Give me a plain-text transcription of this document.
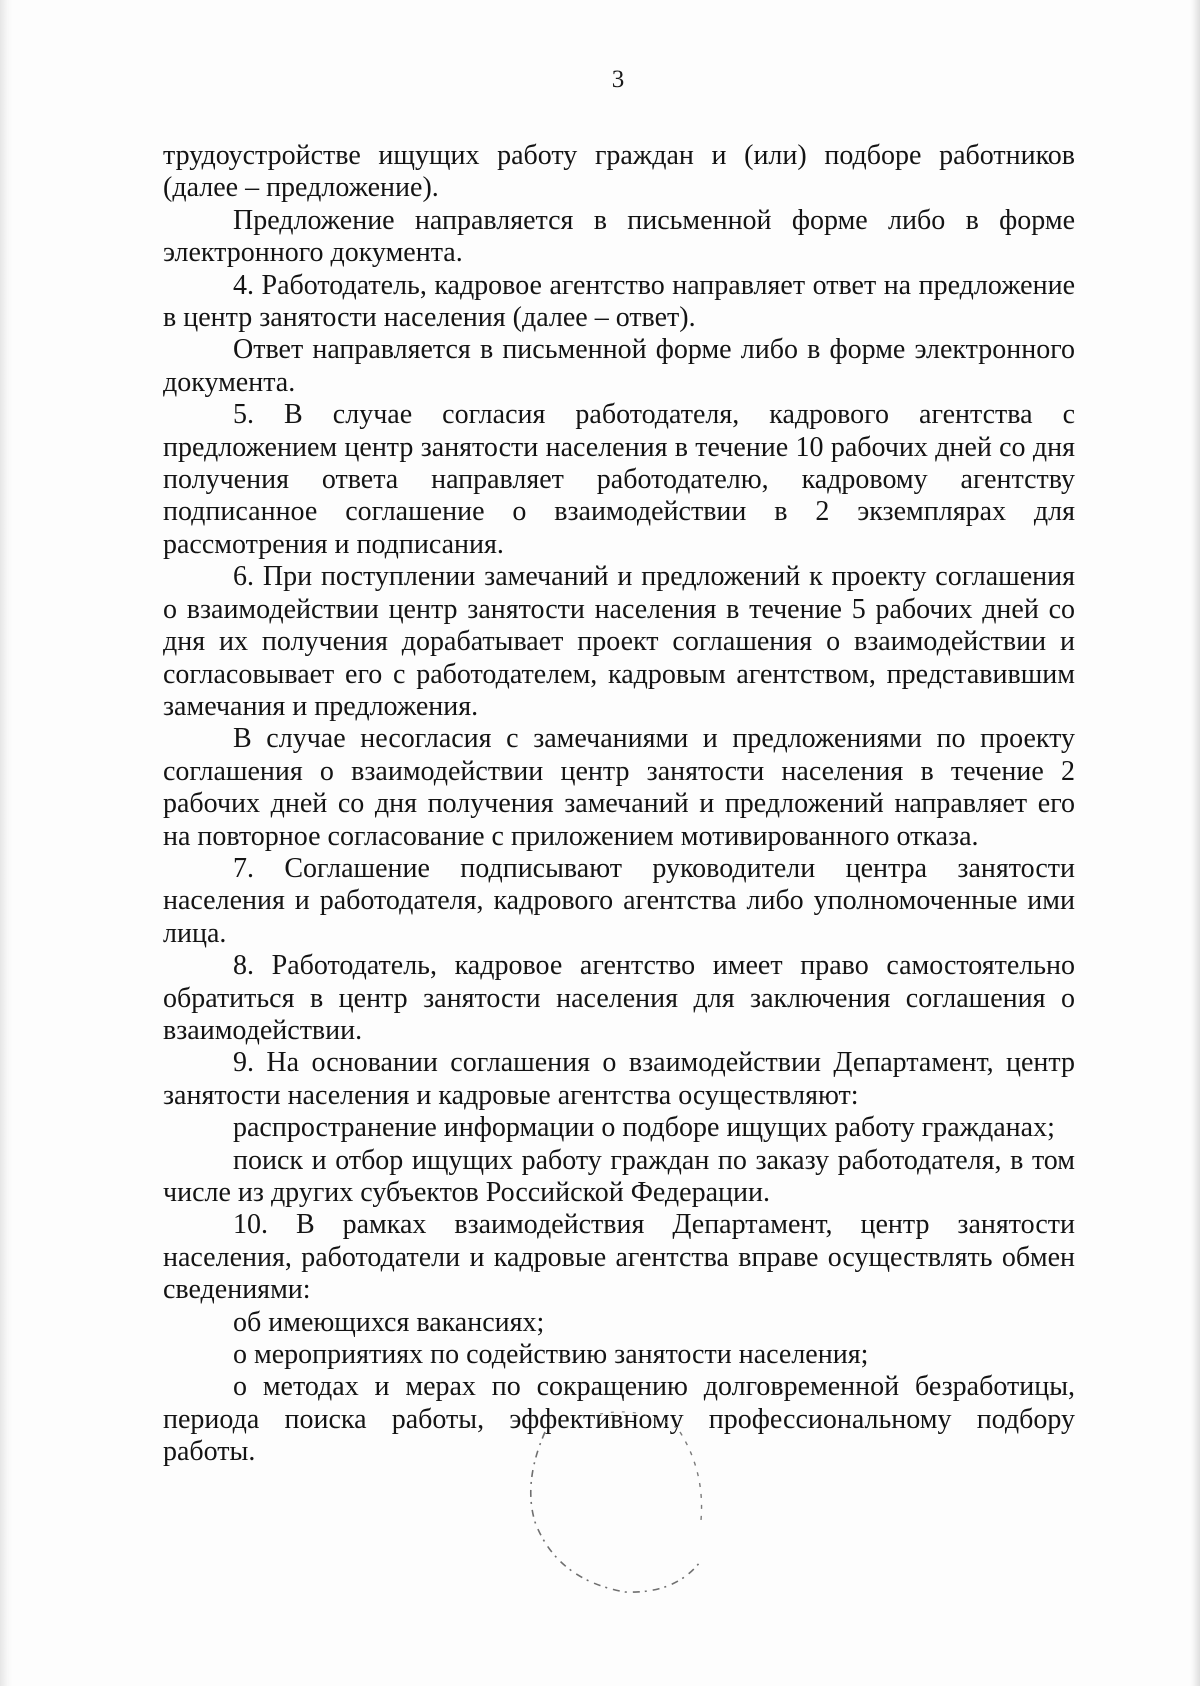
3

трудоустройстве ищущих работу граждан и (или) подборе работников (далее – предложение).

Предложение направляется в письменной форме либо в форме электронного документа.

4. Работодатель, кадровое агентство направляет ответ на предложение в центр занятости населения (далее – ответ).

Ответ направляется в письменной форме либо в форме электронного документа.

5. В случае согласия работодателя, кадрового агентства с предложением центр занятости населения в течение 10 рабочих дней со дня получения ответа направляет работодателю, кадровому агентству подписанное соглашение о взаимодействии в 2 экземплярах для рассмотрения и подписания.

6. При поступлении замечаний и предложений к проекту соглашения о взаимодействии центр занятости населения в течение 5 рабочих дней со дня их получения дорабатывает проект соглашения о взаимодействии и согласовывает его с работодателем, кадровым агентством, представившим замечания и предложения.

В случае несогласия с замечаниями и предложениями по проекту соглашения о взаимодействии центр занятости населения в течение 2 рабочих дней со дня получения замечаний и предложений направляет его на повторное согласование с приложением мотивированного отказа.

7. Соглашение подписывают руководители центра занятости населения и работодателя, кадрового агентства либо уполномоченные ими лица.

8. Работодатель, кадровое агентство имеет право самостоятельно обратиться в центр занятости населения для заключения соглашения о взаимодействии.

9. На основании соглашения о взаимодействии Департамент, центр занятости населения и кадровые агентства осуществляют:

распространение информации о подборе ищущих работу гражданах;

поиск и отбор ищущих работу граждан по заказу работодателя, в том числе из других субъектов Российской Федерации.

10. В рамках взаимодействия Департамент, центр занятости населения, работодатели и кадровые агентства вправе осуществлять обмен сведениями:

об имеющихся вакансиях;

о мероприятиях по содействию занятости населения;

о методах и мерах по сокращению долговременной безработицы, периода поиска работы, эффективному профессиональному подбору работы.
